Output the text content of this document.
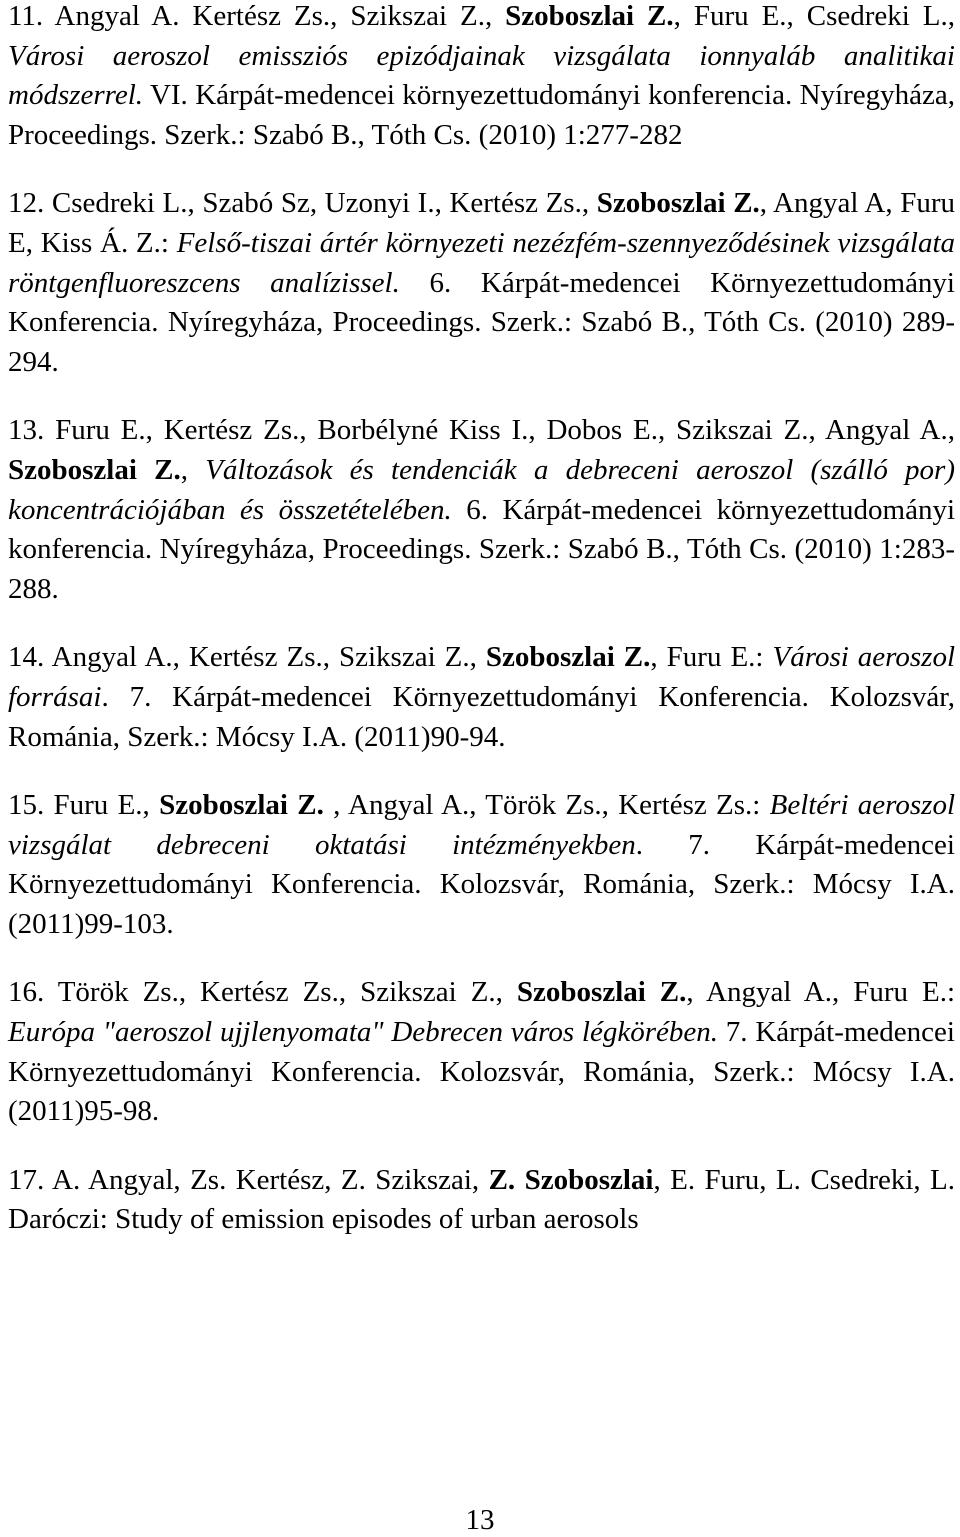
11. Angyal A. Kertész Zs., Szikszai Z., Szoboszlai Z., Furu E., Csedreki L., Városi aeroszol emissziós epizódjainak vizsgálata ionnyaláb analitikai módszerrel. VI. Kárpát-medencei környezettudományi konferencia. Nyíregyháza, Proceedings. Szerk.: Szabó B., Tóth Cs. (2010) 1:277-282

12. Csedreki L., Szabó Sz, Uzonyi I., Kertész Zs., Szoboszlai Z., Angyal A, Furu E, Kiss Á. Z.: Felső-tiszai ártér környezeti nezézfém-szennyeződésinek vizsgálata röntgenfluoreszcens analízissel. 6. Kárpát-medencei Környezettudományi Konferencia. Nyíregyháza, Proceedings. Szerk.: Szabó B., Tóth Cs. (2010) 289-294.

13. Furu E., Kertész Zs., Borbélyné Kiss I., Dobos E., Szikszai Z., Angyal A., Szoboszlai Z., Változások és tendenciák a debreceni aeroszol (szálló por) koncentrációjában és összetételében. 6. Kárpát-medencei környezettudományi konferencia. Nyíregyháza, Proceedings. Szerk.: Szabó B., Tóth Cs. (2010) 1:283-288.

14. Angyal A., Kertész Zs., Szikszai Z., Szoboszlai Z., Furu E.: Városi aeroszol forrásai. 7. Kárpát-medencei Környezettudományi Konferencia. Kolozsvár, Románia, Szerk.: Mócsy I.A. (2011)90-94.

15. Furu E., Szoboszlai Z. , Angyal A., Török Zs., Kertész Zs.: Beltéri aeroszol vizsgálat debreceni oktatási intézményekben. 7. Kárpát-medencei Környezettudományi Konferencia. Kolozsvár, Románia, Szerk.: Mócsy I.A. (2011)99-103.

16. Török Zs., Kertész Zs., Szikszai Z., Szoboszlai Z., Angyal A., Furu E.: Európa "aeroszol ujjlenyomata" Debrecen város légkörében. 7. Kárpát-medencei Környezettudományi Konferencia. Kolozsvár, Románia, Szerk.: Mócsy I.A. (2011)95-98.

17. A. Angyal, Zs. Kertész, Z. Szikszai, Z. Szoboszlai, E. Furu, L. Csedreki, L. Daróczi: Study of emission episodes of urban aerosols

13
